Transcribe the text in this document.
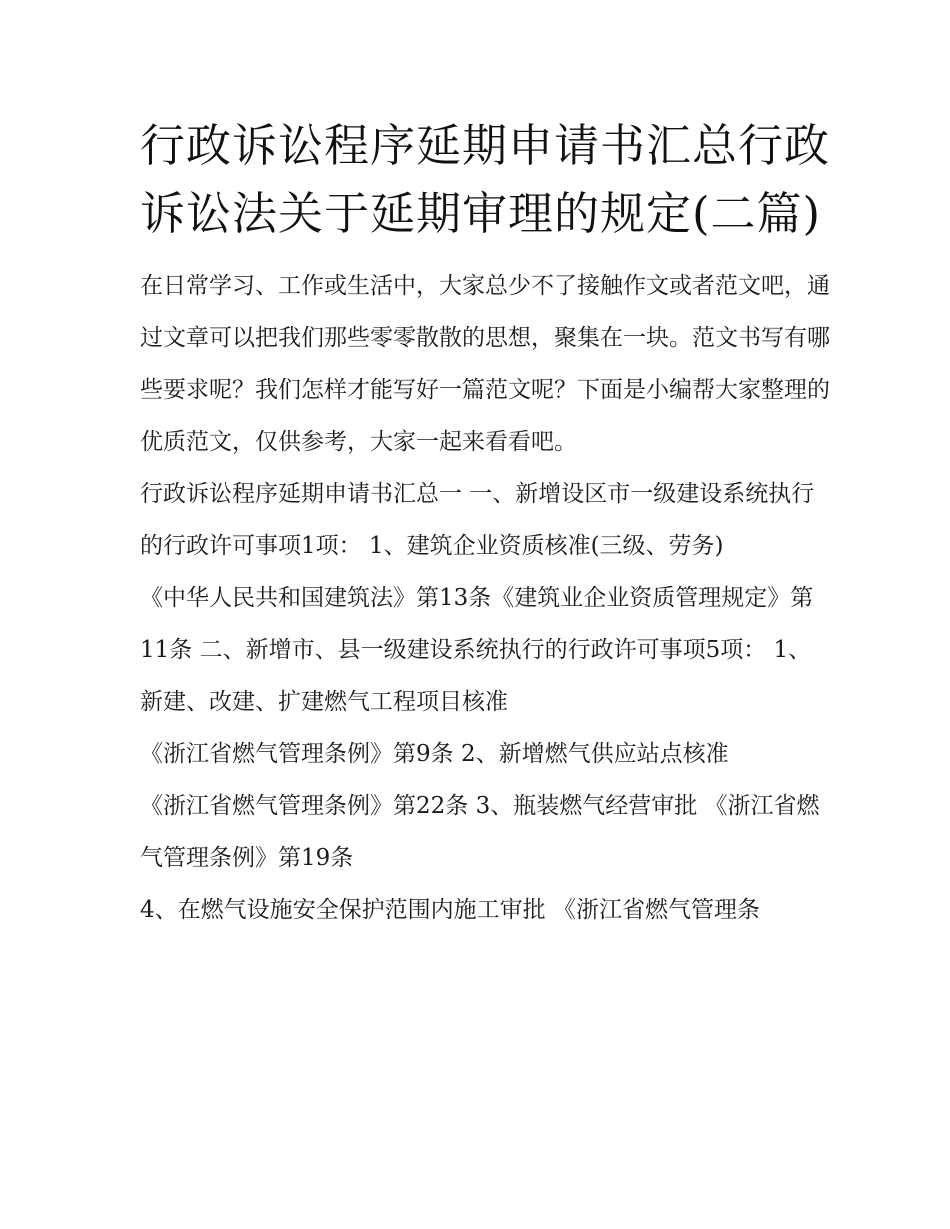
行政诉讼程序延期申请书汇总行政诉讼法关于延期审理的规定(二篇)

在日常学习、工作或生活中，大家总少不了接触作文或者范文吧，通过文章可以把我们那些零零散散的思想，聚集在一块。范文书写有哪些要求呢？我们怎样才能写好一篇范文呢？下面是小编帮大家整理的优质范文，仅供参考，大家一起来看看吧。

行政诉讼程序延期申请书汇总一 一、新增设区市一级建设系统执行的行政许可事项1项： 1、建筑企业资质核准(三级、劳务)

《中华人民共和国建筑法》第13条《建筑业企业资质管理规定》第11条 二、新增市、县一级建设系统执行的行政许可事项5项： 1、新建、改建、扩建燃气工程项目核准

《浙江省燃气管理条例》第9条 2、新增燃气供应站点核准

《浙江省燃气管理条例》第22条 3、瓶装燃气经营审批 《浙江省燃气管理条例》第19条

4、在燃气设施安全保护范围内施工审批 《浙江省燃气管理条
